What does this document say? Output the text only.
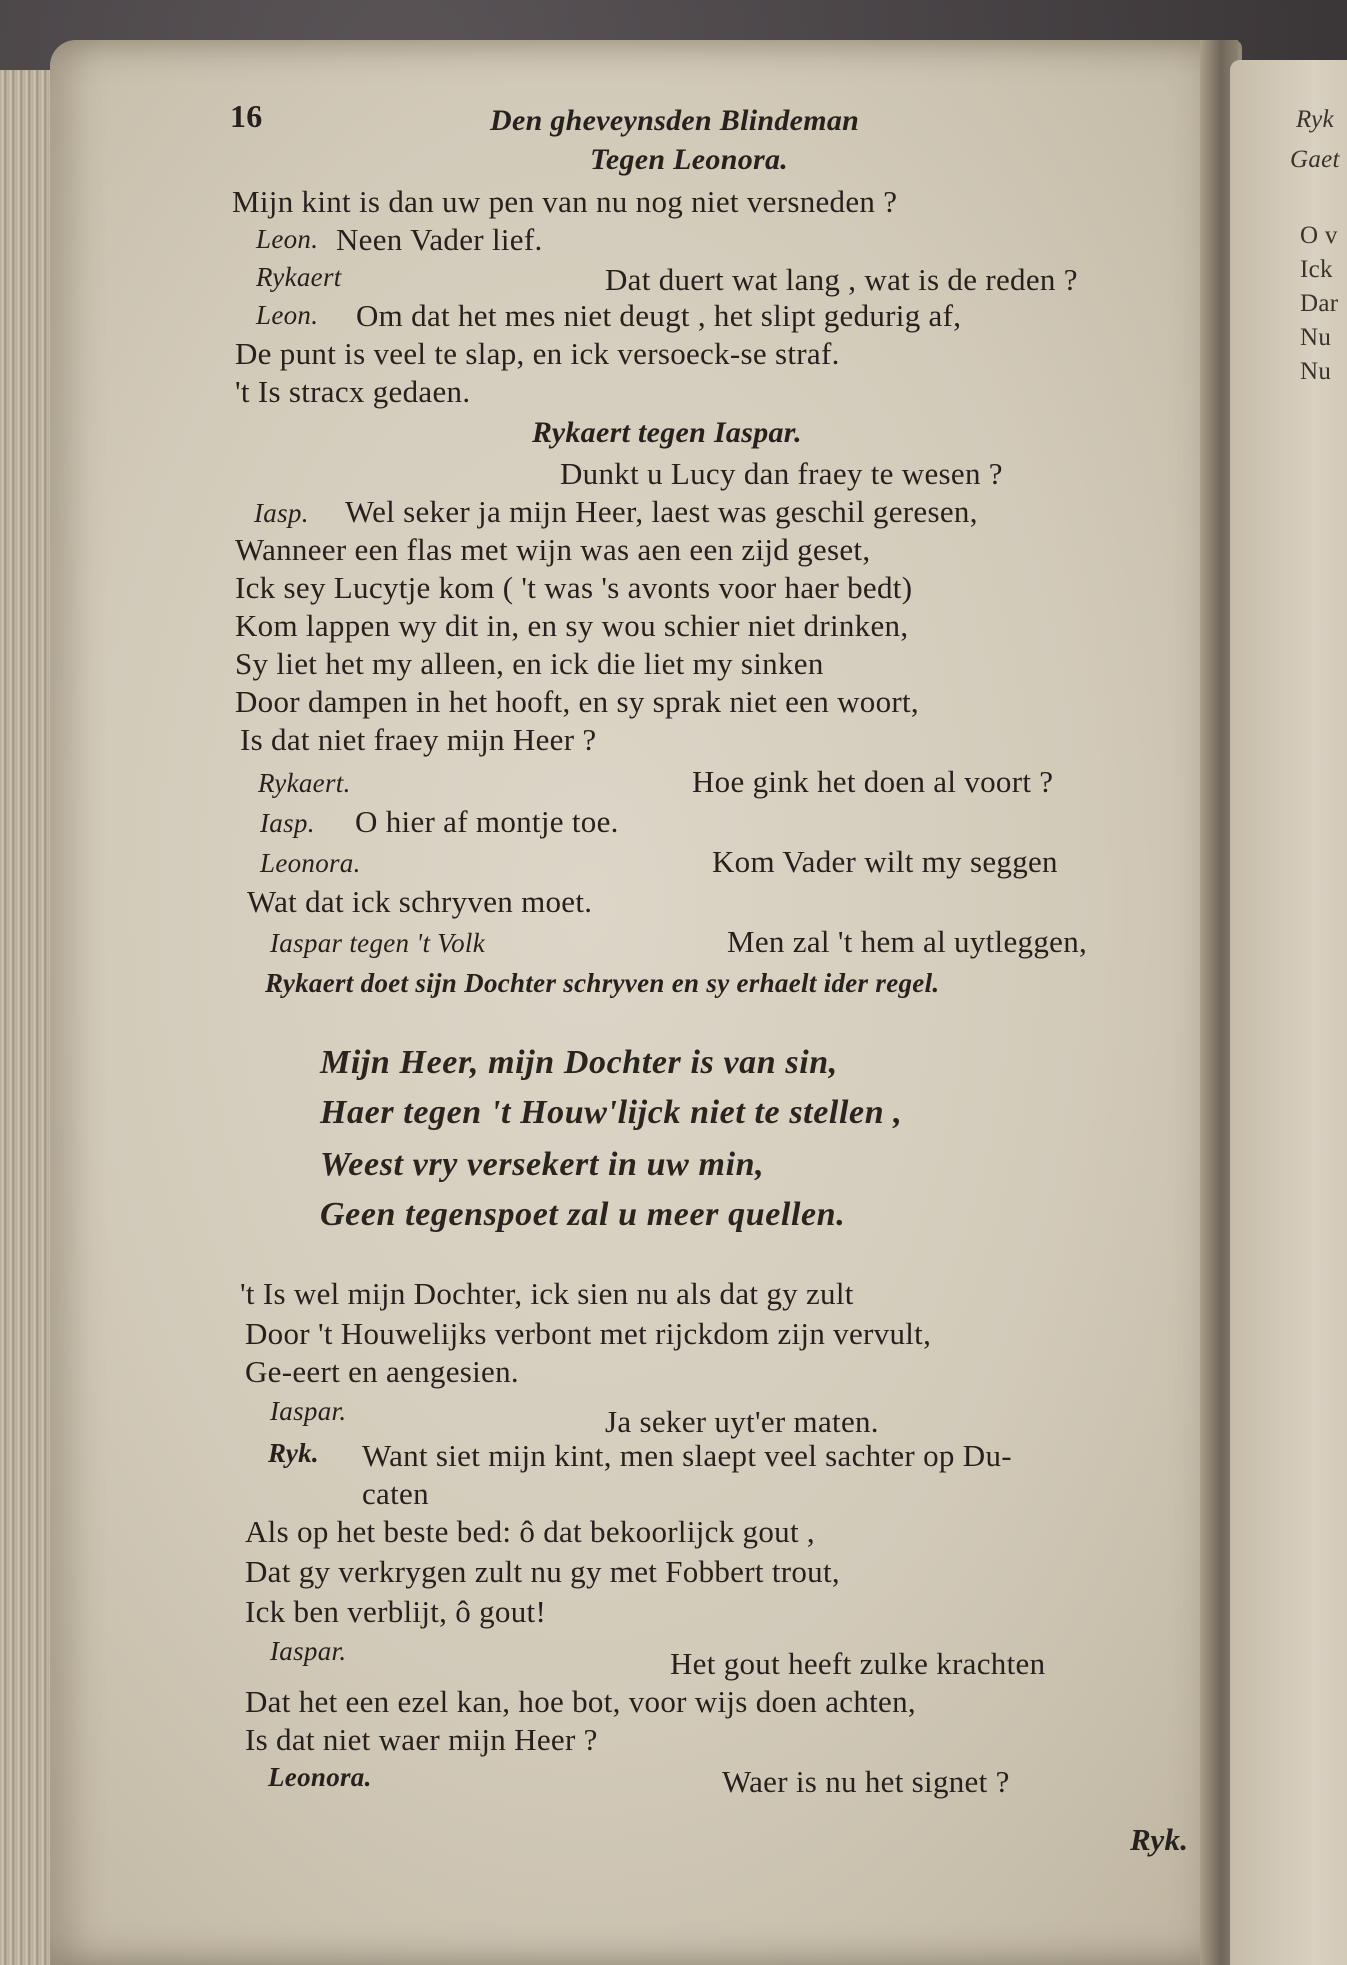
16	Den gheveynsden Blindeman
Tegen Leonora.
Mijn kint is dan uw pen van nu nog niet versneden ?
Leon. Neen Vader lief.
Rykaert	Dat duert wat lang , wat is de reden ?
Leon. Om dat het mes niet deugt , het slipt gedurig af,
De punt is veel te slap, en ick versoeck-se straf.
't Is stracx gedaen.
Rykaert tegen Iaspar.
Dunkt u Lucy dan fraey te wesen ?
Iasp. Wel seker ja mijn Heer, laest was geschil geresen,
Wanneer een flas met wijn was aen een zijd geset,
Ick sey Lucytje kom ( 't was 's avonts voor haer bedt)
Kom lappen wy dit in, en sy wou schier niet drinken,
Sy liet het my alleen, en ick die liet my sinken
Door dampen in het hooft, en sy sprak niet een woort,
Is dat niet fraey mijn Heer ?
Rykaert.	Hoe gink het doen al voort ?
Iasp. O hier af montje toe.
Leonora.	Kom Vader wilt my seggen
Wat dat ick schryven moet.
Iaspar tegen 't Volk	Men zal 't hem al uytleggen,
Rykaert doet sijn Dochter schryven en sy erhaelt ider regel.
Mijn Heer, mijn Dochter is van sin,
Haer tegen 't Houw'lijck niet te stellen ,
Weest vry versekert in uw min,
Geen tegenspoet zal u meer quellen.
't Is wel mijn Dochter, ick sien nu als dat gy zult
Door 't Houwelijks verbont met rijckdom zijn vervult,
Ge-eert en aengesien.
Iaspar.	Ja seker uyt'er maten.
Ryk. Want siet mijn kint, men slaept veel sachter op Du-
caten
Als op het beste bed: ô dat bekoorlijck gout ,
Dat gy verkrygen zult nu gy met Fobbert trout,
Ick ben verblijt, ô gout!
Iaspar.	Het gout heeft zulke krachten
Dat het een ezel kan, hoe bot, voor wijs doen achten,
Is dat niet waer mijn Heer ?
Leonora.	Waer is nu het signet ?
Ryk.
Ryk
Gaet
O v
Ick
Dar
Nu
Nu
